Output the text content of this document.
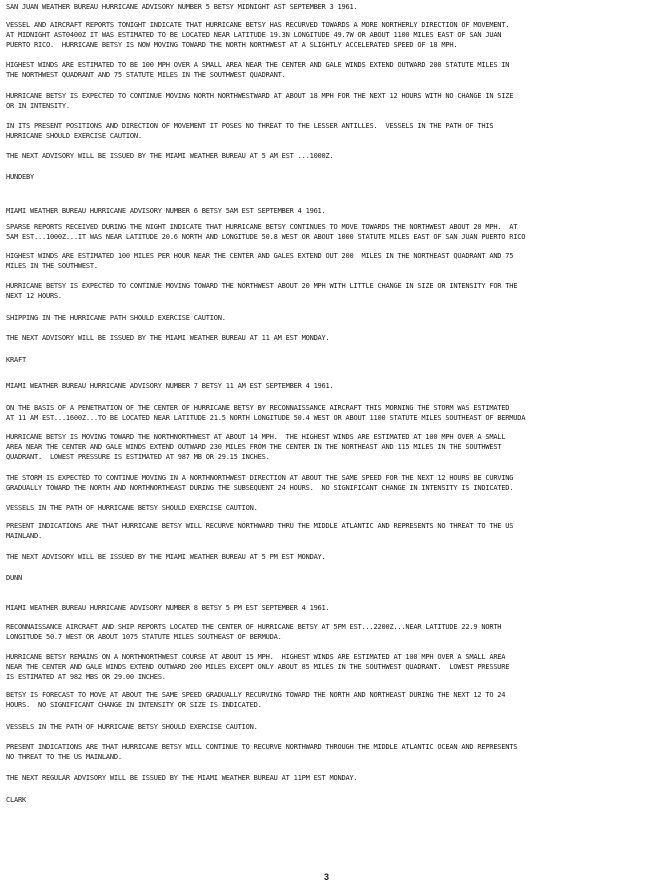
SAN JUAN WEATHER BUREAU HURRICANE ADVISORY NUMBER 5 BETSY MIDNIGHT AST SEPTEMBER 3 1961.

VESSEL AND AIRCRAFT REPORTS TONIGHT INDICATE THAT HURRICANE BETSY HAS RECURVED TOWARDS A MORE NORTHERLY DIRECTION OF MOVEMENT.
AT MIDNIGHT AST0400Z IT WAS ESTIMATED TO BE LOCATED NEAR LATITUDE 19.3N LONGITUDE 49.7W OR ABOUT 1100 MILES EAST OF SAN JUAN
PUERTO RICO.  HURRICANE BETSY IS NOW MOVING TOWARD THE NORTH NORTHWEST AT A SLIGHTLY ACCELERATED SPEED OF 18 MPH.

HIGHEST WINDS ARE ESTIMATED TO BE 100 MPH OVER A SMALL AREA NEAR THE CENTER AND GALE WINDS EXTEND OUTWARD 200 STATUTE MILES IN
THE NORTHWEST QUADRANT AND 75 STATUTE MILES IN THE SOUTHWEST QUADRANT.

HURRICANE BETSY IS EXPECTED TO CONTINUE MOVING NORTH NORTHWESTWARD AT ABOUT 18 MPH FOR THE NEXT 12 HOURS WITH NO CHANGE IN SIZE
OR IN INTENSITY.

IN ITS PRESENT POSITIONS AND DIRECTION OF MOVEMENT IT POSES NO THREAT TO THE LESSER ANTILLES.  VESSELS IN THE PATH OF THIS
HURRICANE SHOULD EXERCISE CAUTION.

THE NEXT ADVISORY WILL BE ISSUED BY THE MIAMI WEATHER BUREAU AT 5 AM EST ...1000Z.

HUNDEBY

MIAMI WEATHER BUREAU HURRICANE ADVISORY NUMBER 6 BETSY 5AM EST SEPTEMBER 4 1961.

SPARSE REPORTS RECEIVED DURING THE NIGHT INDICATE THAT HURRICANE BETSY CONTINUES TO MOVE TOWARDS THE NORTHWEST ABOUT 20 MPH.  AT
5AM EST...1000Z...IT WAS NEAR LATITUDE 20.6 NORTH AND LONGITUDE 50.8 WEST OR ABOUT 1000 STATUTE MILES EAST OF SAN JUAN PUERTO RICO

HIGHEST WINDS ARE ESTIMATED 100 MILES PER HOUR NEAR THE CENTER AND GALES EXTEND OUT 200  MILES IN THE NORTHEAST QUADRANT AND 75
MILES IN THE SOUTHWEST.

HURRICANE BETSY IS EXPECTED TO CONTINUE MOVING TOWARD THE NORTHWEST ABOUT 20 MPH WITH LITTLE CHANGE IN SIZE OR INTENSITY FOR THE
NEXT 12 HOURS.

SHIPPING IN THE HURRICANE PATH SHOULD EXERCISE CAUTION.

THE NEXT ADVISORY WILL BE ISSUED BY THE MIAMI WEATHER BUREAU AT 11 AM EST MONDAY.

KRAFT

MIAMI WEATHER BUREAU HURRICANE ADVISORY NUMBER 7 BETSY 11 AM EST SEPTEMBER 4 1961.

ON THE BASIS OF A PENETRATION OF THE CENTER OF HURRICANE BETSY BY RECONNAISSANCE AIRCRAFT THIS MORNING THE STORM WAS ESTIMATED
AT 11 AM EST...1600Z...TO BE LOCATED NEAR LATITUDE 21.5 NORTH LONGITUDE 50.4 WEST OR ABOUT 1100 STATUTE MILES SOUTHEAST OF BERMUDA

HURRICANE BETSY IS MOVING TOWARD THE NORTHNORTHWEST AT ABOUT 14 MPH.  THE HIGHEST WINDS ARE ESTIMATED AT 100 MPH OVER A SMALL
AREA NEAR THE CENTER AND GALE WINDS EXTEND OUTWARD 230 MILES FROM THE CENTER IN THE NORTHEAST AND 115 MILES IN THE SOUTHWEST
QUADRANT.  LOWEST PRESSURE IS ESTIMATED AT 987 MB OR 29.15 INCHES.

THE STORM IS EXPECTED TO CONTINUE MOVING IN A NORTHNORTHWEST DIRECTION AT ABOUT THE SAME SPEED FOR THE NEXT 12 HOURS BE CURVING
GRADUALLY TOWARD THE NORTH AND NORTHNORTHEAST DURING THE SUBSEQUENT 24 HOURS.  NO SIGNIFICANT CHANGE IN INTENSITY IS INDICATED.

VESSELS IN THE PATH OF HURRICANE BETSY SHOULD EXERCISE CAUTION.

PRESENT INDICATIONS ARE THAT HURRICANE BETSY WILL RECURVE NORTHWARD THRU THE MIDDLE ATLANTIC AND REPRESENTS NO THREAT TO THE US
MAINLAND.

THE NEXT ADVISORY WILL BE ISSUED BY THE MIAMI WEATHER BUREAU AT 5 PM EST MONDAY.

DUNN

MIAMI WEATHER BUREAU HURRICANE ADVISORY NUMBER 8 BETSY 5 PM EST SEPTEMBER 4 1961.

RECONNAISSANCE AIRCRAFT AND SHIP REPORTS LOCATED THE CENTER OF HURRICANE BETSY AT 5PM EST...2200Z...NEAR LATITUDE 22.9 NORTH
LONGITUDE 50.7 WEST OR ABOUT 1075 STATUTE MILES SOUTHEAST OF BERMUDA.

HURRICANE BETSY REMAINS ON A NORTHNORTHWEST COURSE AT ABOUT 15 MPH.  HIGHEST WINDS ARE ESTIMATED AT 100 MPH OVER A SMALL AREA
NEAR THE CENTER AND GALE WINDS EXTEND OUTWARD 200 MILES EXCEPT ONLY ABOUT 85 MILES IN THE SOUTHWEST QUADRANT.  LOWEST PRESSURE
IS ESTIMATED AT 982 MBS OR 29.00 INCHES.

BETSY IS FORECAST TO MOVE AT ABOUT THE SAME SPEED GRADUALLY RECURVING TOWARD THE NORTH AND NORTHEAST DURING THE NEXT 12 TO 24
HOURS.  NO SIGNIFICANT CHANGE IN INTENSITY OR SIZE IS INDICATED.

VESSELS IN THE PATH OF HURRICANE BETSY SHOULD EXERCISE CAUTION.

PRESENT INDICATIONS ARE THAT HURRICANE BETSY WILL CONTINUE TO RECURVE NORTHWARD THROUGH THE MIDDLE ATLANTIC OCEAN AND REPRESENTS
NO THREAT TO THE US MAINLAND.

THE NEXT REGULAR ADVISORY WILL BE ISSUED BY THE MIAMI WEATHER BUREAU AT 11PM EST MONDAY.

CLARK

3
